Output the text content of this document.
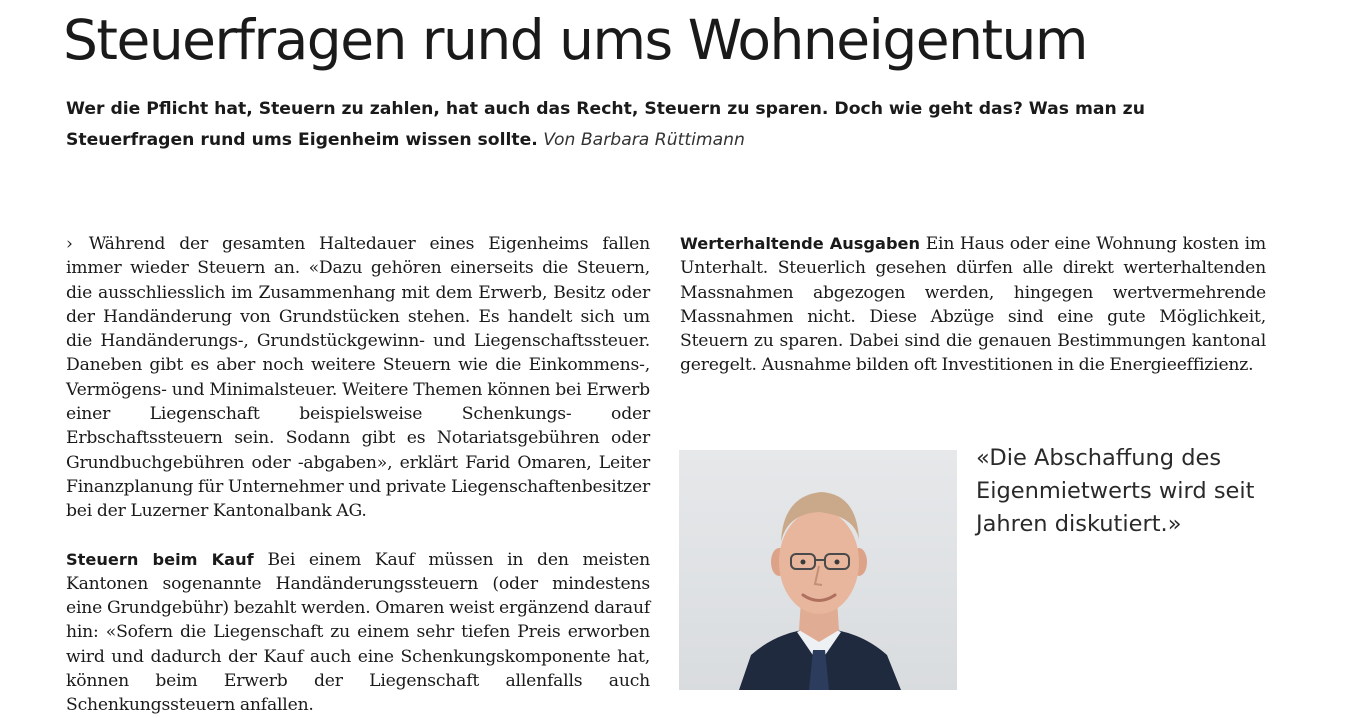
Steuerfragen rund ums Wohneigentum

Wer die Pflicht hat, Steuern zu zahlen, hat auch das Recht, Steuern zu sparen. Doch wie geht das? Was man zu Steuerfragen rund ums Eigenheim wissen sollte. Von Barbara Rüttimann

› Während der gesamten Haltedauer eines Eigenheims fallen immer wieder Steuern an. «Dazu gehören einerseits die Steuern, die ausschliesslich im Zusammenhang mit dem Erwerb, Besitz oder der Handänderung von Grundstücken stehen. Es handelt sich um die Handänderungs-, Grundstückgewinn- und Liegenschaftssteuer. Daneben gibt es aber noch weitere Steuern wie die Einkommens-, Vermögens- und Minimalsteuer. Weitere Themen können bei Erwerb einer Liegenschaft beispielsweise Schenkungs- oder Erbschaftssteuern sein. Sodann gibt es Notariatsgebühren oder Grundbuchgebühren oder -abgaben», erklärt Farid Omaren, Leiter Finanzplanung für Unternehmer und private Liegenschaftenbesitzer bei der Luzerner Kantonalbank AG.

Steuern beim Kauf Bei einem Kauf müssen in den meisten Kantonen sogenannte Handänderungssteuern (oder mindestens eine Grundgebühr) bezahlt werden. Omaren weist ergänzend darauf hin: «Sofern die Liegenschaft zu einem sehr tiefen Preis erworben wird und dadurch der Kauf auch eine Schenkungskomponente hat, können beim Erwerb der Liegenschaft allenfalls auch Schenkungssteuern anfallen.

Werterhaltende Ausgaben Ein Haus oder eine Wohnung kosten im Unterhalt. Steuerlich gesehen dürfen alle direkt werterhaltenden Massnahmen abgezogen werden, hingegen wertvermehrende Massnahmen nicht. Diese Abzüge sind eine gute Möglichkeit, Steuern zu sparen. Dabei sind die genauen Bestimmungen kantonal geregelt. Ausnahme bilden oft Investitionen in die Energieeffizienz.

«Die Abschaffung des Eigenmietwerts wird seit Jahren diskutiert.»
